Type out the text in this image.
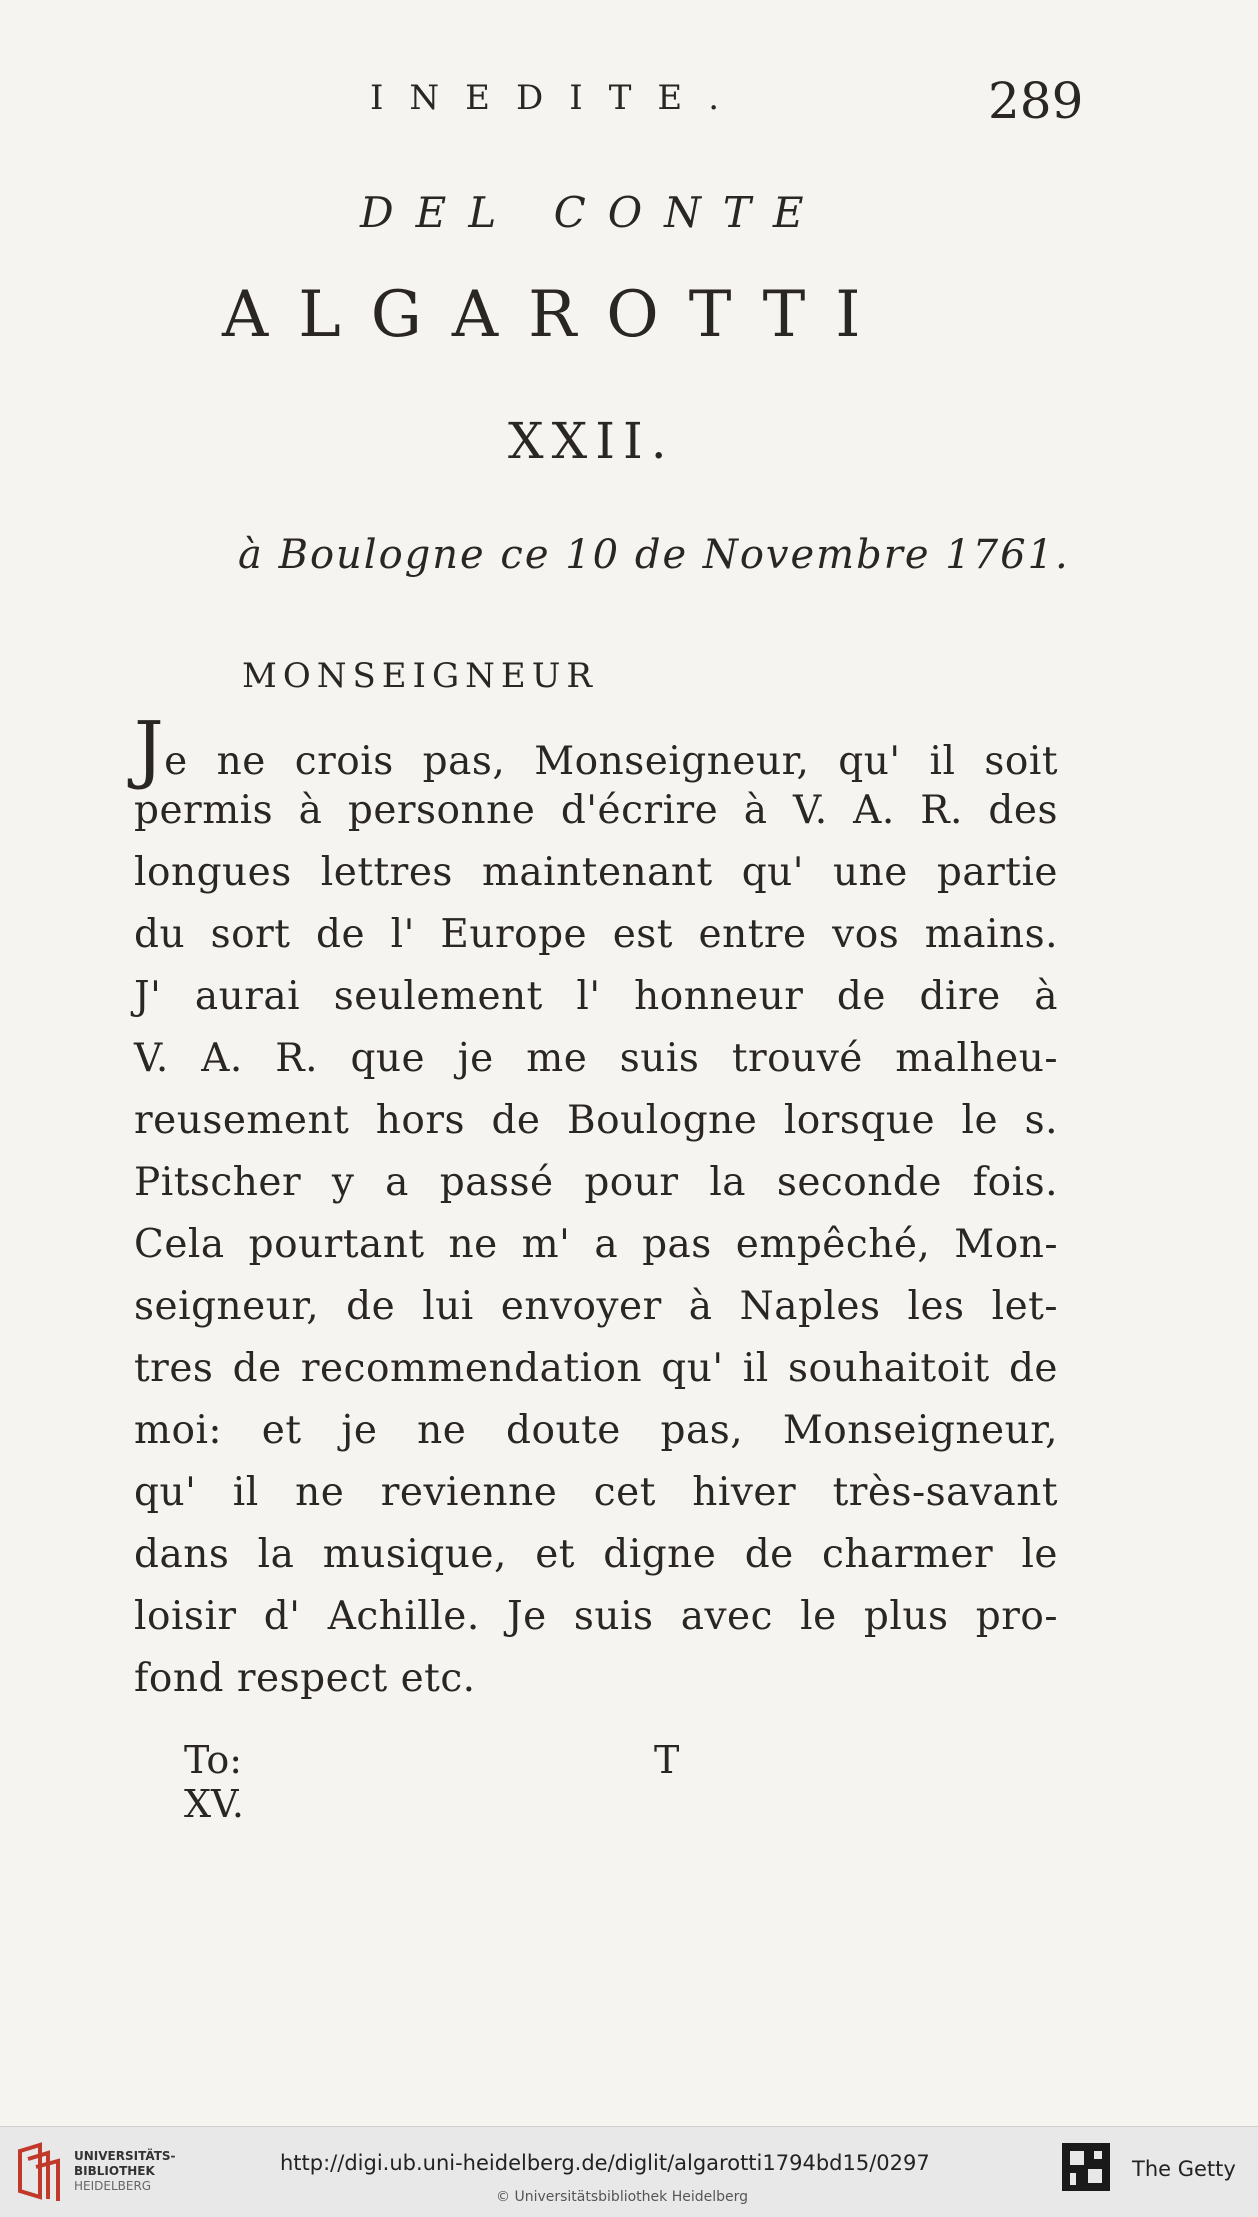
INEDITE.	289
DEL CONTE
ALGAROTTI
XXII.
à Boulogne ce 10 de Novembre 1761.
MONSEIGNEUR
Je ne crois pas, Monseigneur, qu' il soit
permis à personne d'écrire à V. A. R. des
longues lettres maintenant qu' une partie
du sort de l' Europe est entre vos mains.
J' aurai seulement l' honneur de dire à
V. A. R. que je me suis trouvé malheu-
reusement hors de Boulogne lorsque le s.
Pitscher y a passé pour la seconde fois.
Cela pourtant ne m' a pas empêché, Mon-
seigneur, de lui envoyer à Naples les let-
tres de recommendation qu' il souhaitoit de
moi: et je ne doute pas, Monseigneur,
qu' il ne revienne cet hiver très-savant
dans la musique, et digne de charmer le
loisir d' Achille. Je suis avec le plus pro-
fond respect etc.
To: XV.
T
UNIVERSITÄTS-
BIBLIOTHEK
HEIDELBERG
http://digi.ub.uni-heidelberg.de/diglit/algarotti1794bd15/0297
© Universitätsbibliothek Heidelberg
The Getty
